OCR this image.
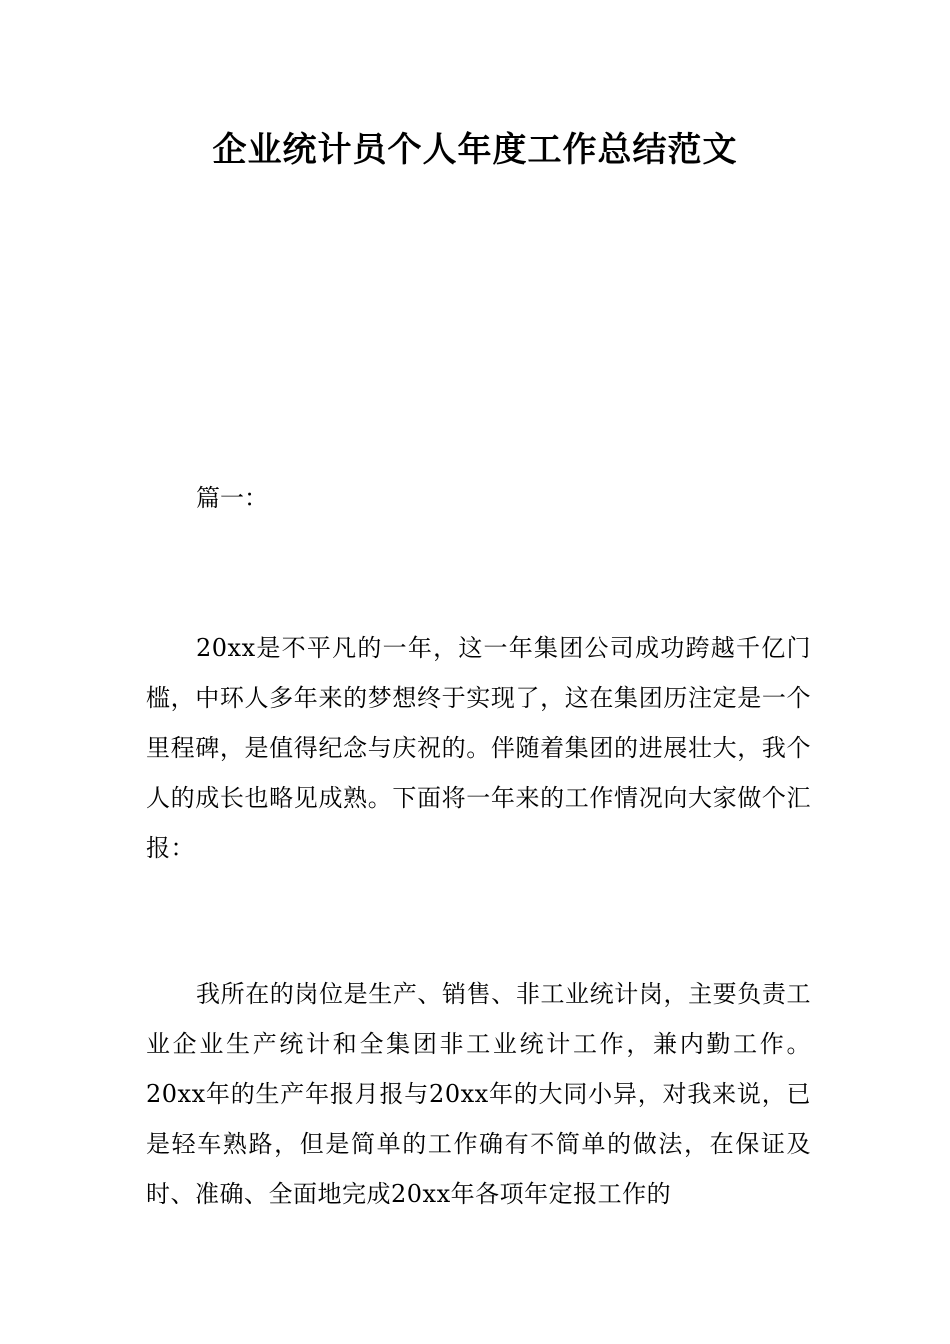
企业统计员个人年度工作总结范文
篇一：

20xx是不平凡的一年，这一年集团公司成功跨越千亿门槛，中环人多年来的梦想终于实现了，这在集团历注定是一个里程碑，是值得纪念与庆祝的。伴随着集团的进展壮大，我个人的成长也略见成熟。下面将一年来的工作情况向大家做个汇报：

我所在的岗位是生产、销售、非工业统计岗，主要负责工业企业生产统计和全集团非工业统计工作，兼内勤工作。20xx年的生产年报月报与20xx年的大同小异，对我来说，已是轻车熟路，但是简单的工作确有不简单的做法，在保证及时、准确、全面地完成20xx年各项年定报工作的
